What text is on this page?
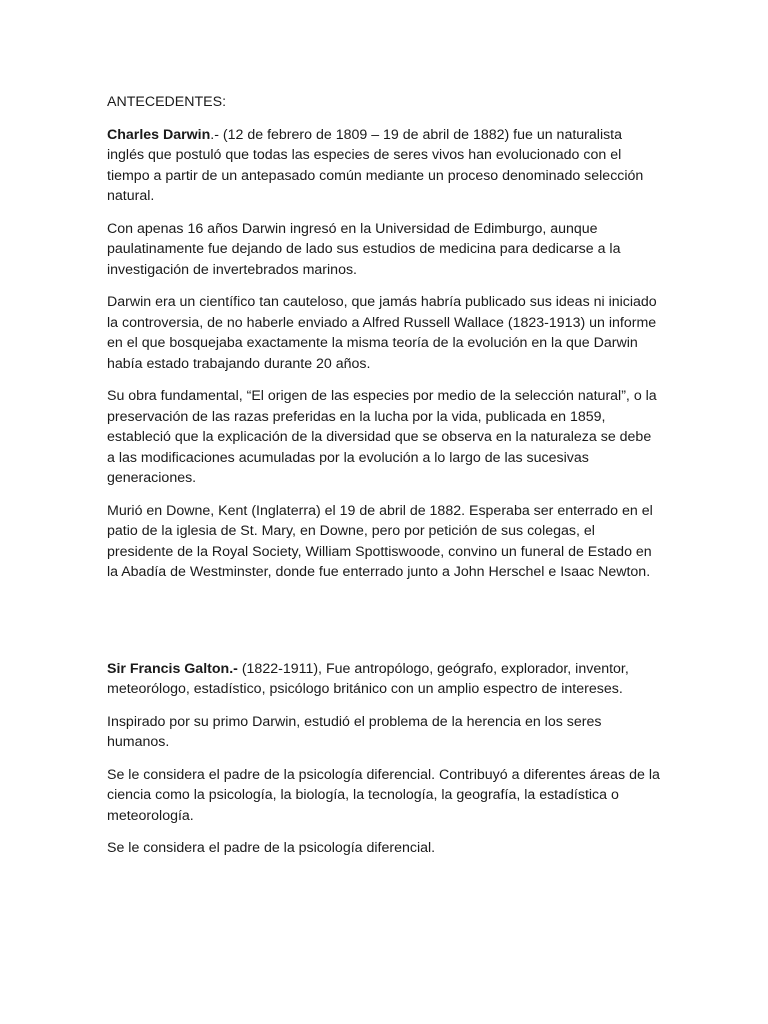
ANTECEDENTES:

Charles Darwin.- (12 de febrero de 1809 – 19 de abril de 1882) fue un naturalista inglés que postuló que todas las especies de seres vivos han evolucionado con el tiempo a partir de un antepasado común mediante un proceso denominado selección natural.

Con apenas 16 años Darwin ingresó en la Universidad de Edimburgo, aunque paulatinamente fue dejando de lado sus estudios de medicina para dedicarse a la investigación de invertebrados marinos.

Darwin era un científico tan cauteloso, que jamás habría publicado sus ideas ni iniciado la controversia, de no haberle enviado a Alfred Russell Wallace (1823-1913) un informe en el que bosquejaba exactamente la misma teoría de la evolución en la que Darwin había estado trabajando durante 20 años.

Su obra fundamental, “El origen de las especies por medio de la selección natural”, o la preservación de las razas preferidas en la lucha por la vida, publicada en 1859, estableció que la explicación de la diversidad que se observa en la naturaleza se debe a las modificaciones acumuladas por la evolución a lo largo de las sucesivas generaciones.

Murió en Downe, Kent (Inglaterra) el 19 de abril de 1882. Esperaba ser enterrado en el patio de la iglesia de St. Mary, en Downe, pero por petición de sus colegas, el presidente de la Royal Society, William Spottiswoode, convino un funeral de Estado en la Abadía de Westminster, donde fue enterrado junto a John Herschel e Isaac Newton.

Sir Francis Galton.- (1822-1911), Fue antropólogo, geógrafo, explorador, inventor, meteorólogo, estadístico, psicólogo británico con un amplio espectro de intereses.

Inspirado por su primo Darwin, estudió el problema de la herencia en los seres humanos.

Se le considera el padre de la psicología diferencial. Contribuyó a diferentes áreas de la ciencia como la psicología, la biología, la tecnología, la geografía, la estadística o meteorología.

Se le considera el padre de la psicología diferencial.
